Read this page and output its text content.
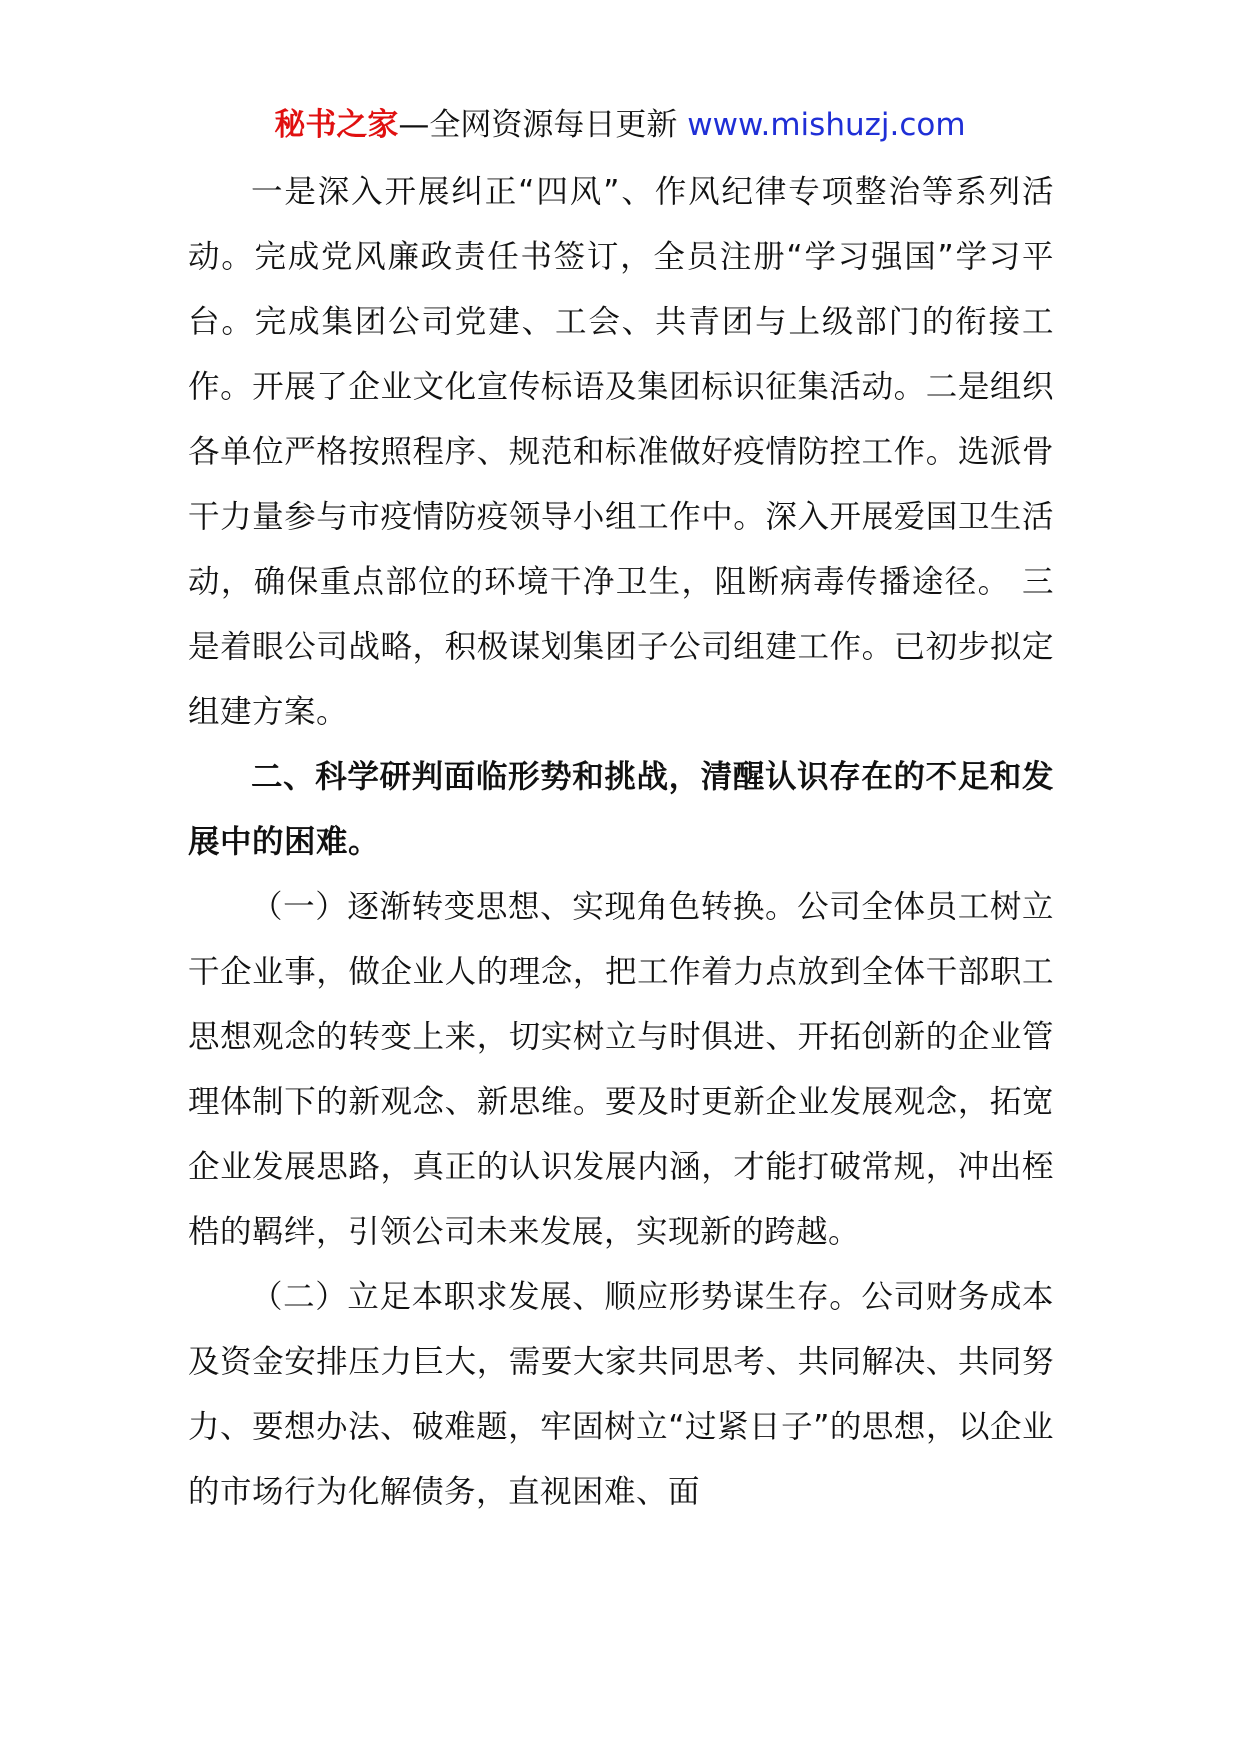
秘书之家—全网资源每日更新 www.mishuzj.com

一是深入开展纠正“四风”、作风纪律专项整治等系列活动。完成党风廉政责任书签订，全员注册“学习强国”学习平台。完成集团公司党建、工会、共青团与上级部门的衔接工作。开展了企业文化宣传标语及集团标识征集活动。二是组织各单位严格按照程序、规范和标准做好疫情防控工作。选派骨干力量参与市疫情防疫领导小组工作中。深入开展爱国卫生活动，确保重点部位的环境干净卫生，阻断病毒传播途径。 三是着眼公司战略，积极谋划集团子公司组建工作。已初步拟定组建方案。

二、科学研判面临形势和挑战，清醒认识存在的不足和发展中的困难。

（一）逐渐转变思想、实现角色转换。公司全体员工树立干企业事，做企业人的理念，把工作着力点放到全体干部职工思想观念的转变上来，切实树立与时俱进、开拓创新的企业管理体制下的新观念、新思维。要及时更新企业发展观念，拓宽企业发展思路，真正的认识发展内涵，才能打破常规，冲出桎梏的羁绊，引领公司未来发展，实现新的跨越。

（二）立足本职求发展、顺应形势谋生存。公司财务成本及资金安排压力巨大，需要大家共同思考、共同解决、共同努力、要想办法、破难题，牢固树立“过紧日子”的思想，以企业的市场行为化解债务，直视困难、面
